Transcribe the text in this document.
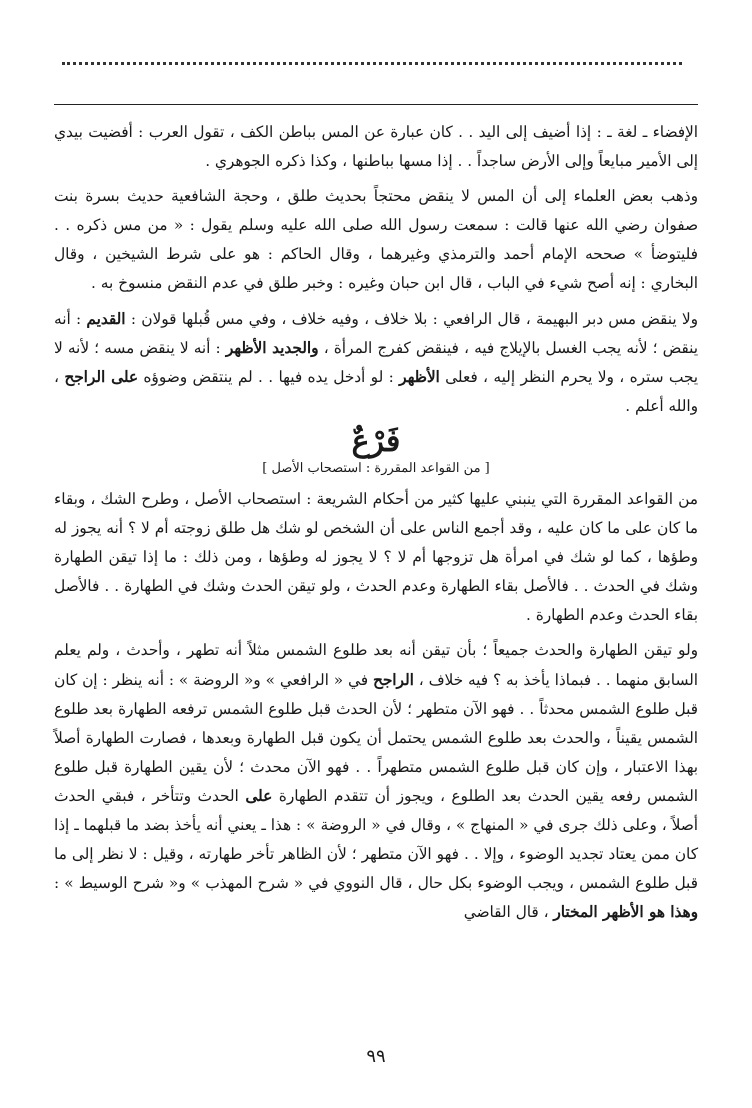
الإفضاء ـ لغة ـ : إذا أضيف إلى اليد . . كان عبارة عن المس بباطن الكف ، تقول العرب : أفضيت بيدي إلى الأمير مبايعاً وإلى الأرض ساجداً . . إذا مسها بباطنها ، وكذا ذكره الجوهري .

وذهب بعض العلماء إلى أن المس لا ينقض محتجاً بحديث طلق ، وحجة الشافعية حديث بسرة بنت صفوان رضي الله عنها قالت : سمعت رسول الله صلى الله عليه وسلم يقول : « من مس ذكره . . فليتوضأ » صححه الإمام أحمد والترمذي وغيرهما ، وقال الحاكم : هو على شرط الشيخين ، وقال البخاري : إنه أصح شيء في الباب ، قال ابن حبان وغيره : وخبر طلق في عدم النقض منسوخ به .

ولا ينقض مس دبر البهيمة ، قال الرافعي : بلا خلاف ، وفيه خلاف ، وفي مس قُبلها قولان : القديم : أنه ينقض ؛ لأنه يجب الغسل بالإيلاج فيه ، فينقض كفرج المرأة ، والجديد الأظهر : أنه لا ينقض مسه ؛ لأنه لا يجب ستره ، ولا يحرم النظر إليه ، فعلى الأظهر : لو أدخل يده فيها . . لم ينتقض وضوؤه على الراجح ، والله أعلم .

فَرْعٌ
[ من القواعد المقررة : استصحاب الأصل ]

من القواعد المقررة التي ينبني عليها كثير من أحكام الشريعة : استصحاب الأصل ، وطرح الشك ، وبقاء ما كان على ما كان عليه ، وقد أجمع الناس على أن الشخص لو شك هل طلق زوجته أم لا ؟ أنه يجوز له وطؤها ، كما لو شك في امرأة هل تزوجها أم لا ؟ لا يجوز له وطؤها ، ومن ذلك : ما إذا تيقن الطهارة وشك في الحدث . . فالأصل بقاء الطهارة وعدم الحدث ، ولو تيقن الحدث وشك في الطهارة . . فالأصل بقاء الحدث وعدم الطهارة .

ولو تيقن الطهارة والحدث جميعاً ؛ بأن تيقن أنه بعد طلوع الشمس مثلاً أنه تطهر ، وأحدث ، ولم يعلم السابق منهما . . فبماذا يأخذ به ؟ فيه خلاف ، الراجح في « الرافعي » و« الروضة » : أنه ينظر : إن كان قبل طلوع الشمس محدثاً . . فهو الآن متطهر ؛ لأن الحدث قبل طلوع الشمس ترفعه الطهارة بعد طلوع الشمس يقيناً ، والحدث بعد طلوع الشمس يحتمل أن يكون قبل الطهارة وبعدها ، فصارت الطهارة أصلاً بهذا الاعتبار ، وإن كان قبل طلوع الشمس متطهراً . . فهو الآن محدث ؛ لأن يقين الطهارة قبل طلوع الشمس رفعه يقين الحدث بعد الطلوع ، ويجوز أن تتقدم الطهارة على الحدث وتتأخر ، فبقي الحدث أصلاً ، وعلى ذلك جرى في « المنهاج » ، وقال في « الروضة » : هذا ـ يعني أنه يأخذ بضد ما قبلهما ـ إذا كان ممن يعتاد تجديد الوضوء ، وإلا . . فهو الآن متطهر ؛ لأن الظاهر تأخر طهارته ، وقيل : لا نظر إلى ما قبل طلوع الشمس ، ويجب الوضوء بكل حال ، قال النووي في « شرح المهذب » و« شرح الوسيط » : وهذا هو الأظهر المختار ، قال القاضي

٩٩
